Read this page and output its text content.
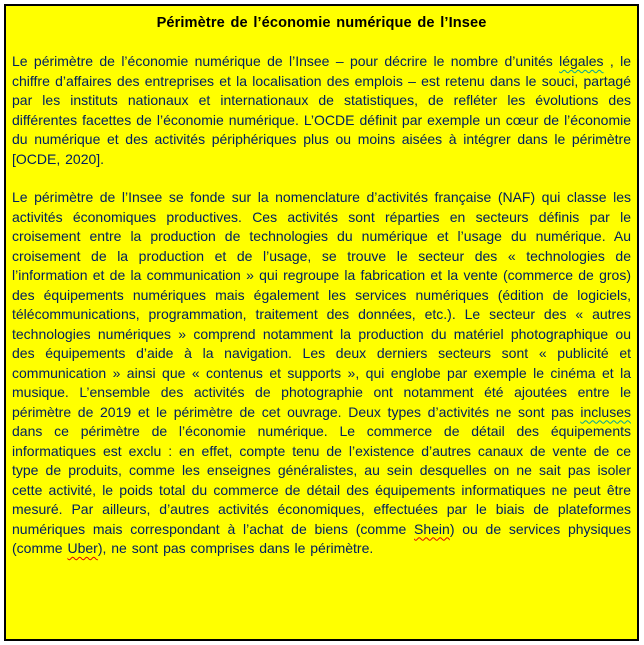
Périmètre de l’économie numérique de l’Insee

Le périmètre de l’économie numérique de l’Insee – pour décrire le nombre d’unités légales , le chiffre d’affaires des entreprises et la localisation des emplois – est retenu dans le souci, partagé par les instituts nationaux et internationaux de statistiques, de refléter les évolutions des différentes facettes de l’économie numérique. L’OCDE définit par exemple un cœur de l’économie du numérique et des activités périphériques plus ou moins aisées à intégrer dans le périmètre [OCDE, 2020].

Le périmètre de l’Insee se fonde sur la nomenclature d’activités française (NAF) qui classe les activités économiques productives. Ces activités sont réparties en secteurs définis par le croisement entre la production de technologies du numérique et l’usage du numérique. Au croisement de la production et de l’usage, se trouve le secteur des « technologies de l’information et de la communication » qui regroupe la fabrication et la vente (commerce de gros) des équipements numériques mais également les services numériques (édition de logiciels, télécommunications, programmation, traitement des données, etc.). Le secteur des « autres technologies numériques » comprend notamment la production du matériel photographique ou des équipements d’aide à la navigation. Les deux derniers secteurs sont « publicité et communication » ainsi que « contenus et supports », qui englobe par exemple le cinéma et la musique. L’ensemble des activités de photographie ont notamment été ajoutées entre le périmètre de 2019 et le périmètre de cet ouvrage. Deux types d’activités ne sont pas incluses dans ce périmètre de l’économie numérique. Le commerce de détail des équipements informatiques est exclu : en effet, compte tenu de l’existence d’autres canaux de vente de ce type de produits, comme les enseignes généralistes, au sein desquelles on ne sait pas isoler cette activité, le poids total du commerce de détail des équipements informatiques ne peut être mesuré. Par ailleurs, d’autres activités économiques, effectuées par le biais de plateformes numériques mais correspondant à l’achat de biens (comme Shein) ou de services physiques (comme Uber), ne sont pas comprises dans le périmètre.
